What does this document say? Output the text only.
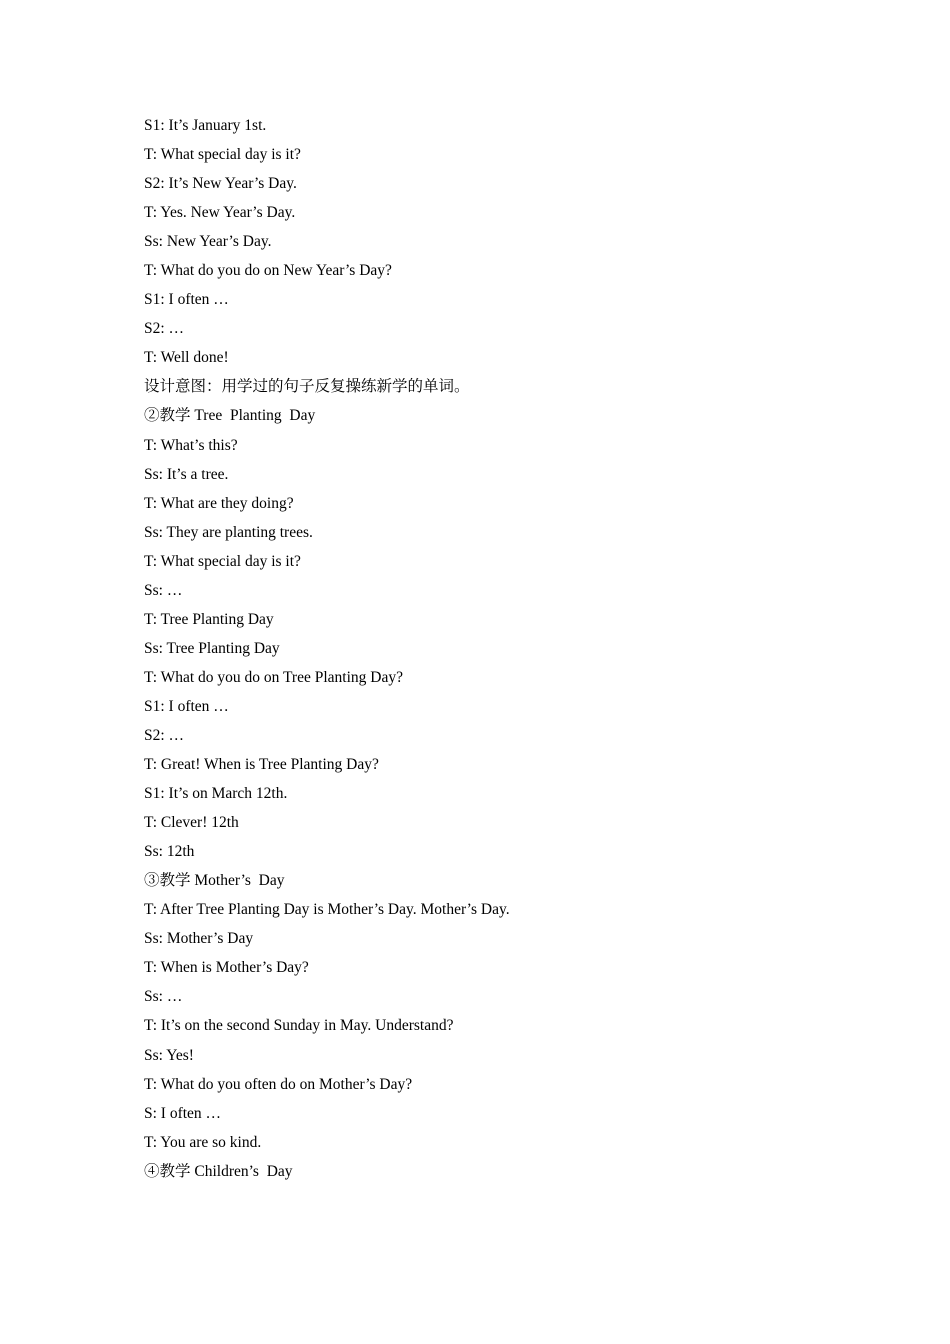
S1: It’s January 1st.
T: What special day is it?
S2: It’s New Year’s Day.
T: Yes. New Year’s Day.
Ss: New Year’s Day.
T: What do you do on New Year’s Day?
S1: I often …
S2: …
T: Well done!
设计意图：用学过的句子反复操练新学的单词。
②教学 Tree  Planting  Day
T: What’s this?
Ss: It’s a tree.
T: What are they doing?
Ss: They are planting trees.
T: What special day is it?
Ss: …
T: Tree Planting Day
Ss: Tree Planting Day
T: What do you do on Tree Planting Day?
S1: I often …
S2: …
T: Great! When is Tree Planting Day?
S1: It’s on March 12th.
T: Clever! 12th
Ss: 12th
③教学 Mother’s  Day
T: After Tree Planting Day is Mother’s Day. Mother’s Day.
Ss: Mother’s Day
T: When is Mother’s Day?
Ss: …
T: It’s on the second Sunday in May. Understand?
Ss: Yes!
T: What do you often do on Mother’s Day?
S: I often …
T: You are so kind.
④教学 Children’s  Day
